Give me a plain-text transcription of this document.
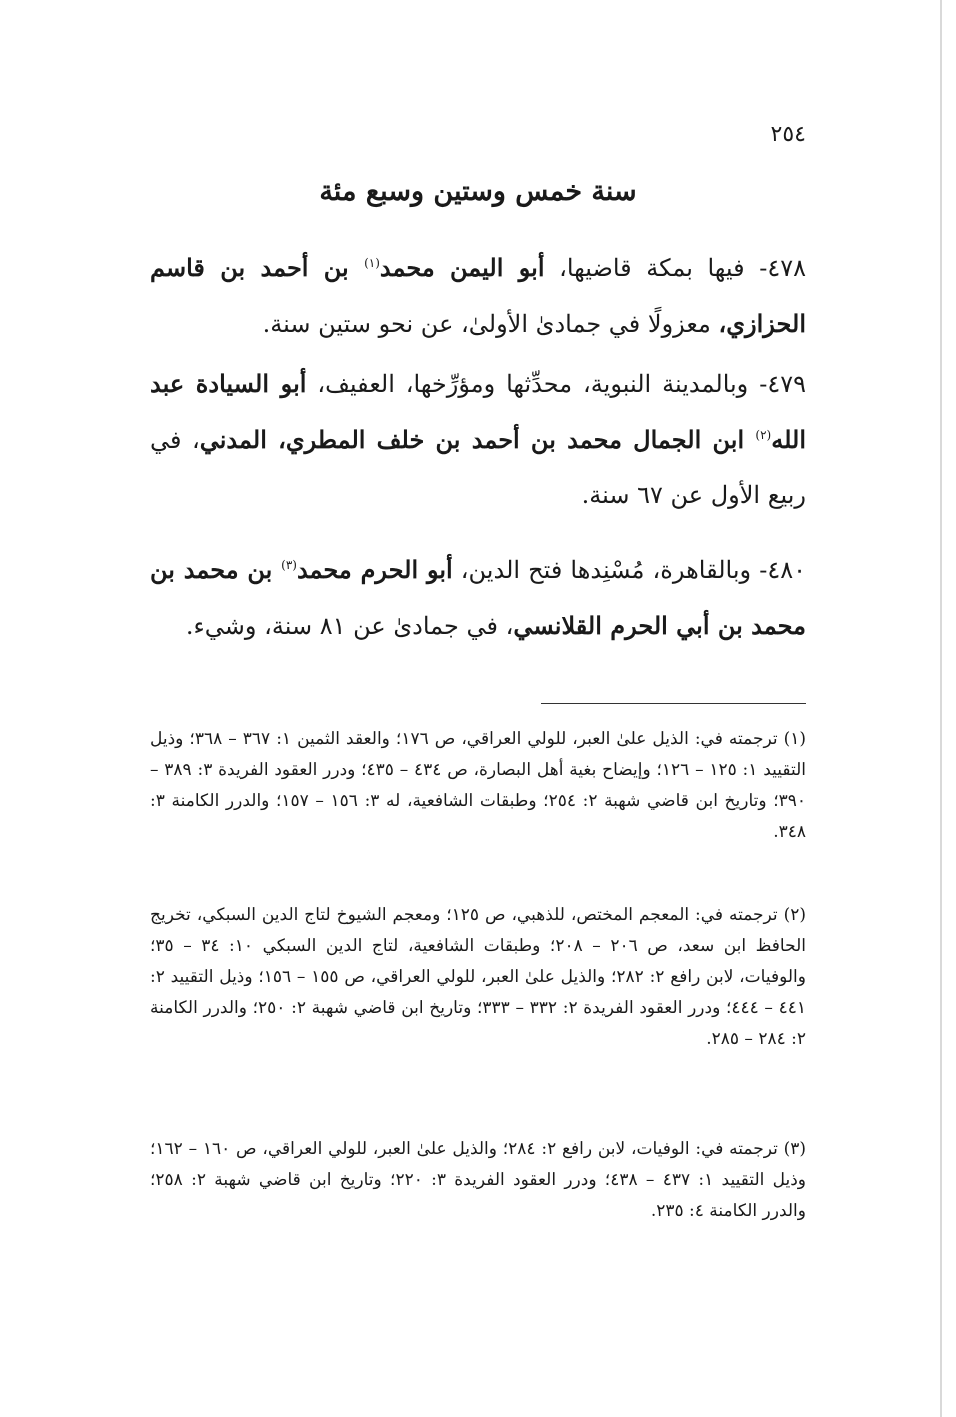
٢٥٤
سنة خمس وستين وسبع مئة
٤٧٨- فيها بمكة قاضيها، أبو اليمن محمد$^{(١)}$ بن أحمد بن قاسم الحزازي، معزولًا في جمادىٰ الأولىٰ، عن نحو ستين سنة.
٤٧٩- وبالمدينة النبوية، محدِّثها ومؤرِّخها، العفيف، أبو السيادة عبد الله$^{(٢)}$ ابن الجمال محمد بن أحمد بن خلف المطري، المدني، في ربيع الأول عن ٦٧ سنة.
٤٨٠- وبالقاهرة، مُسْنِدها فتح الدين، أبو الحرم محمد$^{(٣)}$ بن محمد بن محمد بن أبي الحرم القلانسي، في جمادىٰ عن ٨١ سنة، وشيء.
(١) ترجمته في: الذيل علىٰ العبر، للولي العراقي، ص ١٧٦؛ والعقد الثمين ١: ٣٦٧ – ٣٦٨؛ وذيل التقييد ١: ١٢٥ – ١٢٦؛ وإيضاح بغية أهل البصارة، ص ٤٣٤ – ٤٣٥؛ ودرر العقود الفريدة ٣: ٣٨٩ – ٣٩٠؛ وتاريخ ابن قاضي شهبة ٢: ٢٥٤؛ وطبقات الشافعية، له ٣: ١٥٦ – ١٥٧؛ والدرر الكامنة ٣: ٣٤٨.
(٢) ترجمته في: المعجم المختص، للذهبي، ص ١٢٥؛ ومعجم الشيوخ لتاج الدين السبكي، تخريج الحافظ ابن سعد، ص ٢٠٦ – ٢٠٨؛ وطبقات الشافعية، لتاج الدين السبكي ١٠: ٣٤ – ٣٥؛ والوفيات، لابن رافع ٢: ٢٨٢؛ والذيل علىٰ العبر، للولي العراقي، ص ١٥٥ – ١٥٦؛ وذيل التقييد ٢: ٤٤١ – ٤٤٤؛ ودرر العقود الفريدة ٢: ٣٣٢ – ٣٣٣؛ وتاريخ ابن قاضي شهبة ٢: ٢٥٠؛ والدرر الكامنة ٢: ٢٨٤ – ٢٨٥.
(٣) ترجمته في: الوفيات، لابن رافع ٢: ٢٨٤؛ والذيل علىٰ العبر، للولي العراقي، ص ١٦٠ – ١٦٢؛ وذيل التقييد ١: ٤٣٧ – ٤٣٨؛ ودرر العقود الفريدة ٣: ٢٢٠؛ وتاريخ ابن قاضي شهبة ٢: ٢٥٨؛ والدرر الكامنة ٤: ٢٣٥.
